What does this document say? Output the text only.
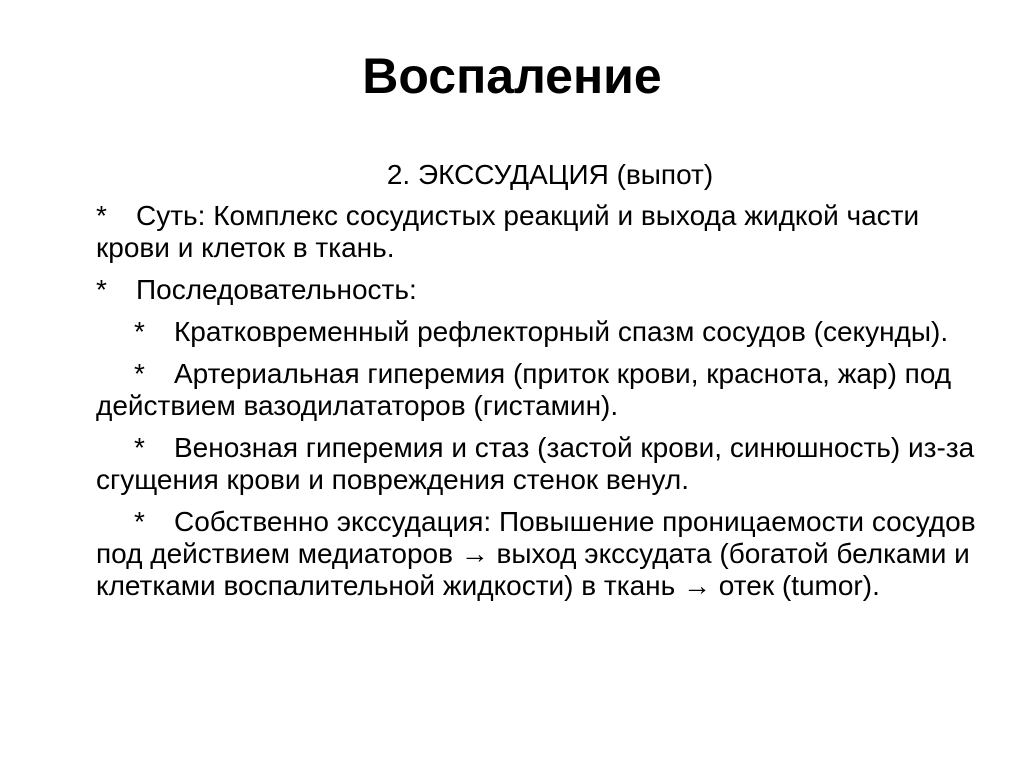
Воспаление
2. ЭКССУДАЦИЯ (выпот)
* Суть: Комплекс сосудистых реакций и выхода жидкой части крови и клеток в ткань.
* Последовательность:
* Кратковременный рефлекторный спазм сосудов (секунды).
* Артериальная гиперемия (приток крови, краснота, жар) под действием вазодилататоров (гистамин).
* Венозная гиперемия и стаз (застой крови, синюшность) из-за сгущения крови и повреждения стенок венул.
* Собственно экссудация: Повышение проницаемости сосудов под действием медиаторов → выход экссудата (богатой белками и клетками воспалительной жидкости) в ткань → отек (tumor).
